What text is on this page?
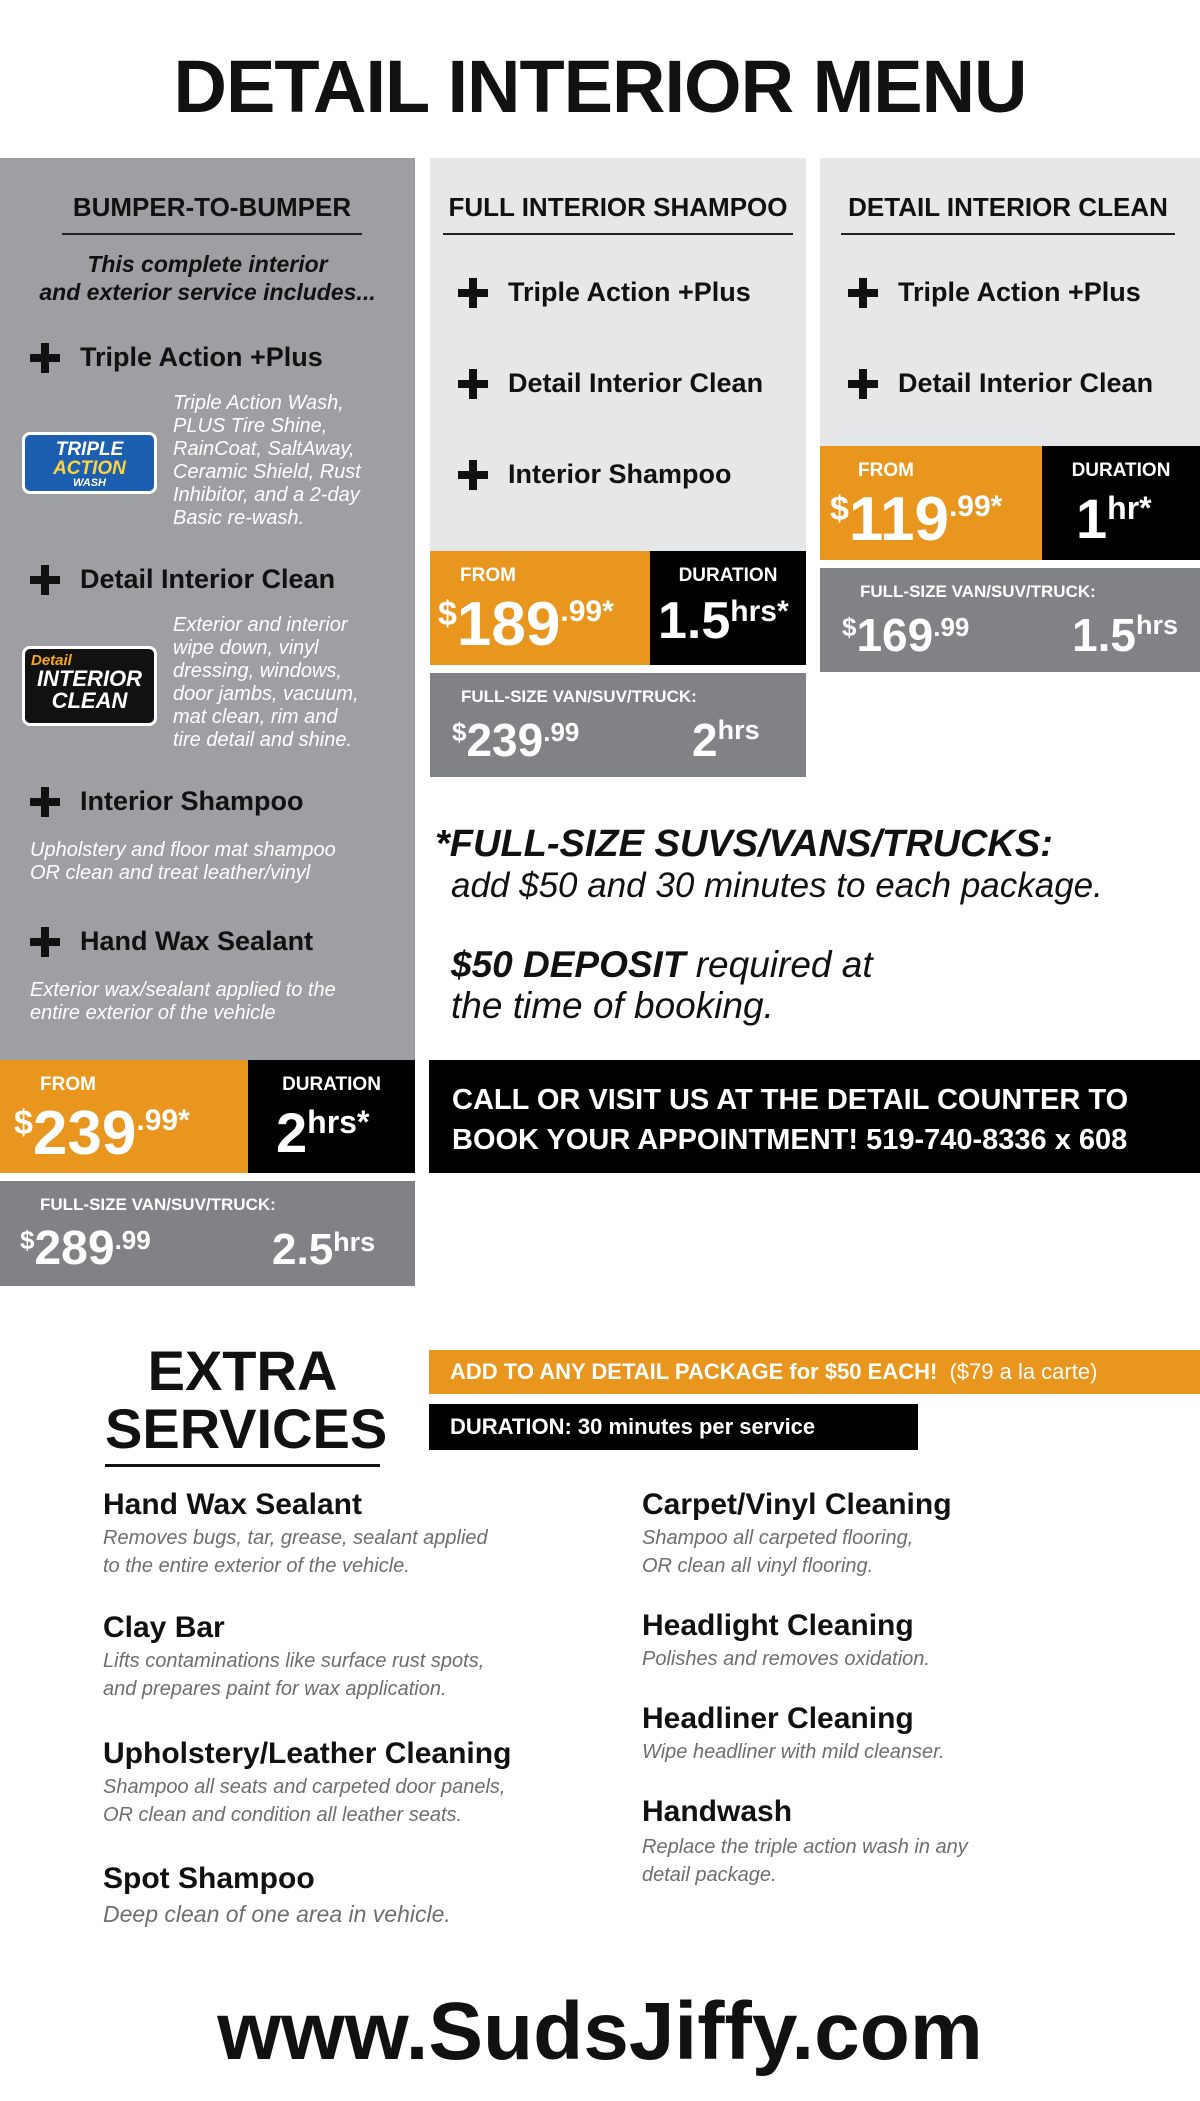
DETAIL INTERIOR MENU
BUMPER-TO-BUMPER
This complete interior
and exterior service includes...
Triple Action +Plus
TRIPLE
ACTION
WASH
Triple Action Wash,
PLUS Tire Shine,
RainCoat, SaltAway,
Ceramic Shield, Rust
Inhibitor, and a 2-day
Basic re-wash.
Detail Interior Clean
Detail
INTERIOR
CLEAN
Exterior and interior
wipe down, vinyl
dressing, windows,
door jambs, vacuum,
mat clean, rim and
tire detail and shine.
Interior Shampoo
Upholstery and floor mat shampoo
OR clean and treat leather/vinyl
Hand Wax Sealant
Exterior wax/sealant applied to the
entire exterior of the vehicle
FROM
$239.99*
DURATION
2hrs*
FULL-SIZE VAN/SUV/TRUCK:
$289.99	2.5hrs
FULL INTERIOR SHAMPOO
Triple Action +Plus
Detail Interior Clean
Interior Shampoo
FROM
$189.99*
DURATION
1.5hrs*
FULL-SIZE VAN/SUV/TRUCK:
$239.99 2hrs
DETAIL INTERIOR CLEAN
Triple Action +Plus
Detail Interior Clean
FROM
$119.99*
DURATION
1hr*
FULL-SIZE VAN/SUV/TRUCK:
$169.99 1.5hrs
*FULL-SIZE SUVS/VANS/TRUCKS:
add $50 and 30 minutes to each package.
$50 DEPOSIT required at
the time of booking.
CALL OR VISIT US AT THE DETAIL COUNTER TO
BOOK YOUR APPOINTMENT! 519-740-8336 x 608
EXTRA
SERVICES
ADD TO ANY DETAIL PACKAGE for $50 EACH! ($79 a la carte)
DURATION: 30 minutes per service
Hand Wax Sealant
Removes bugs, tar, grease, sealant applied
to the entire exterior of the vehicle.
Clay Bar
Lifts contaminations like surface rust spots,
and prepares paint for wax application.
Upholstery/Leather Cleaning
Shampoo all seats and carpeted door panels,
OR clean and condition all leather seats.
Spot Shampoo
Deep clean of one area in vehicle.
Carpet/Vinyl Cleaning
Shampoo all carpeted flooring,
OR clean all vinyl flooring.
Headlight Cleaning
Polishes and removes oxidation.
Headliner Cleaning
Wipe headliner with mild cleanser.
Handwash
Replace the triple action wash in any
detail package.
www.SudsJiffy.com
